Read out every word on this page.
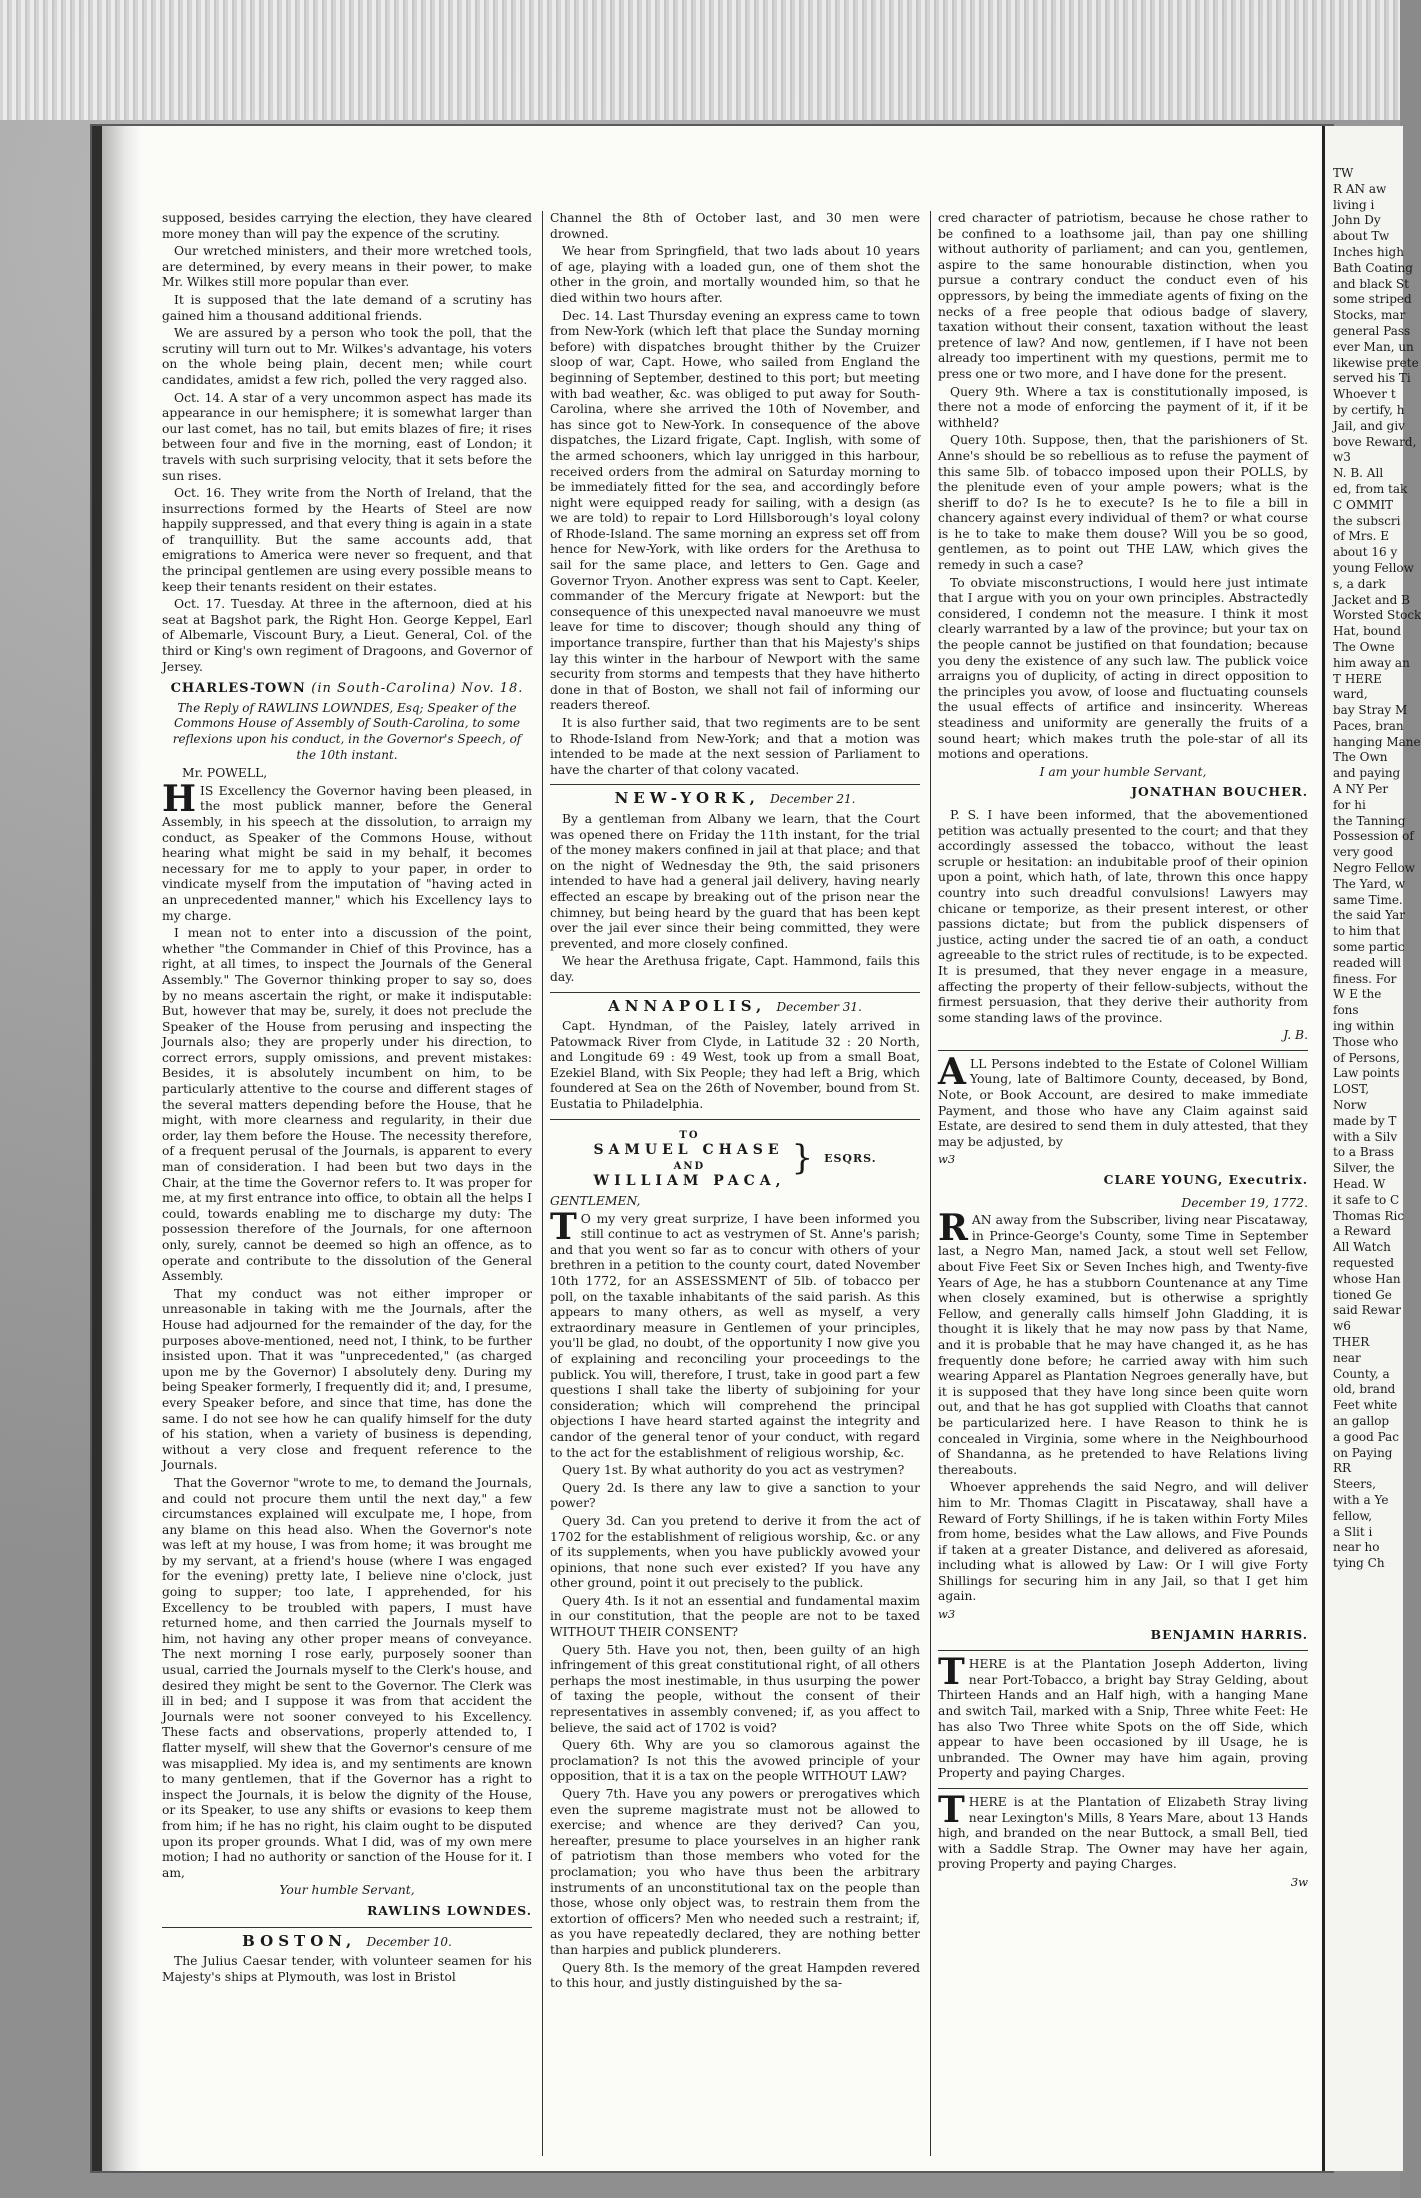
supposed, besides carrying the election, they have cleared more money than will pay the expence of the scrutiny.

Our wretched ministers, and their more wretched tools, are determined, by every means in their power, to make Mr. Wilkes still more popular than ever.

It is supposed that the late demand of a scrutiny has gained him a thousand additional friends.

We are assured by a person who took the poll, that the scrutiny will turn out to Mr. Wilkes's advantage, his voters on the whole being plain, decent men; while court candidates, amidst a few rich, polled the very ragged also.

Oct. 14. A star of a very uncommon aspect has made its appearance in our hemisphere; it is somewhat larger than our last comet, has no tail, but emits blazes of fire; it rises between four and five in the morning, east of London; it travels with such surprising velocity, that it sets before the sun rises.

Oct. 16. They write from the North of Ireland, that the insurrections formed by the Hearts of Steel are now happily suppressed, and that every thing is again in a state of tranquillity. But the same accounts add, that emigrations to America were never so frequent, and that the principal gentlemen are using every possible means to keep their tenants resident on their estates.

Oct. 17. Tuesday. At three in the afternoon, died at his seat at Bagshot park, the Right Hon. George Keppel, Earl of Albemarle, Viscount Bury, a Lieut. General, Col. of the third or King's own regiment of Dragoons, and Governor of Jersey.

CHARLES-TOWN (in South-Carolina) Nov. 18.

The Reply of RAWLINS LOWNDES, Esq; Speaker of the Commons House of Assembly of South-Carolina, to some reflexions upon his conduct, in the Governor's Speech, of the 10th instant.

Mr. POWELL,

HIS Excellency the Governor having been pleased, in the most publick manner, before the General Assembly, in his speech at the dissolution, to arraign my conduct, as Speaker of the Commons House, without hearing what might be said in my behalf, it becomes necessary for me to apply to your paper, in order to vindicate myself from the imputation of "having acted in an unprecedented manner," which his Excellency lays to my charge.

I mean not to enter into a discussion of the point, whether "the Commander in Chief of this Province, has a right, at all times, to inspect the Journals of the General Assembly." The Governor thinking proper to say so, does by no means ascertain the right, or make it indisputable: But, however that may be, surely, it does not preclude the Speaker of the House from perusing and inspecting the Journals also; they are properly under his direction, to correct errors, supply omissions, and prevent mistakes: Besides, it is absolutely incumbent on him, to be particularly attentive to the course and different stages of the several matters depending before the House, that he might, with more clearness and regularity, in their due order, lay them before the House. The necessity therefore, of a frequent perusal of the Journals, is apparent to every man of consideration. I had been but two days in the Chair, at the time the Governor refers to. It was proper for me, at my first entrance into office, to obtain all the helps I could, towards enabling me to discharge my duty: The possession therefore of the Journals, for one afternoon only, surely, cannot be deemed so high an offence, as to operate and contribute to the dissolution of the General Assembly.

That my conduct was not either improper or unreasonable in taking with me the Journals, after the House had adjourned for the remainder of the day, for the purposes above-mentioned, need not, I think, to be further insisted upon. That it was "unprecedented," (as charged upon me by the Governor) I absolutely deny. During my being Speaker formerly, I frequently did it; and, I presume, every Speaker before, and since that time, has done the same. I do not see how he can qualify himself for the duty of his station, when a variety of business is depending, without a very close and frequent reference to the Journals.

That the Governor "wrote to me, to demand the Journals, and could not procure them until the next day," a few circumstances explained will exculpate me, I hope, from any blame on this head also. When the Governor's note was left at my house, I was from home; it was brought me by my servant, at a friend's house (where I was engaged for the evening) pretty late, I believe nine o'clock, just going to supper; too late, I apprehended, for his Excellency to be troubled with papers, I must have returned home, and then carried the Journals myself to him, not having any other proper means of conveyance. The next morning I rose early, purposely sooner than usual, carried the Journals myself to the Clerk's house, and desired they might be sent to the Governor. The Clerk was ill in bed; and I suppose it was from that accident the Journals were not sooner conveyed to his Excellency. These facts and observations, properly attended to, I flatter myself, will shew that the Governor's censure of me was misapplied. My idea is, and my sentiments are known to many gentlemen, that if the Governor has a right to inspect the Journals, it is below the dignity of the House, or its Speaker, to use any shifts or evasions to keep them from him; if he has no right, his claim ought to be disputed upon its proper grounds. What I did, was of my own mere motion; I had no authority or sanction of the House for it. I am,

Your humble Servant,

RAWLINS LOWNDES.

BOSTON, December 10.

The Julius Caesar tender, with volunteer seamen for his Majesty's ships at Plymouth, was lost in Bristol

Channel the 8th of October last, and 30 men were drowned.

We hear from Springfield, that two lads about 10 years of age, playing with a loaded gun, one of them shot the other in the groin, and mortally wounded him, so that he died within two hours after.

Dec. 14. Last Thursday evening an express came to town from New-York (which left that place the Sunday morning before) with dispatches brought thither by the Cruizer sloop of war, Capt. Howe, who sailed from England the beginning of September, destined to this port; but meeting with bad weather, &c. was obliged to put away for South-Carolina, where she arrived the 10th of November, and has since got to New-York. In consequence of the above dispatches, the Lizard frigate, Capt. Inglish, with some of the armed schooners, which lay unrigged in this harbour, received orders from the admiral on Saturday morning to be immediately fitted for the sea, and accordingly before night were equipped ready for sailing, with a design (as we are told) to repair to Lord Hillsborough's loyal colony of Rhode-Island. The same morning an express set off from hence for New-York, with like orders for the Arethusa to sail for the same place, and letters to Gen. Gage and Governor Tryon. Another express was sent to Capt. Keeler, commander of the Mercury frigate at Newport: but the consequence of this unexpected naval manoeuvre we must leave for time to discover; though should any thing of importance transpire, further than that his Majesty's ships lay this winter in the harbour of Newport with the same security from storms and tempests that they have hitherto done in that of Boston, we shall not fail of informing our readers thereof.

It is also further said, that two regiments are to be sent to Rhode-Island from New-York; and that a motion was intended to be made at the next session of Parliament to have the charter of that colony vacated.

NEW-YORK, December 21.

By a gentleman from Albany we learn, that the Court was opened there on Friday the 11th instant, for the trial of the money makers confined in jail at that place; and that on the night of Wednesday the 9th, the said prisoners intended to have had a general jail delivery, having nearly effected an escape by breaking out of the prison near the chimney, but being heard by the guard that has been kept over the jail ever since their being committed, they were prevented, and more closely confined.

We hear the Arethusa frigate, Capt. Hammond, fails this day.

ANNAPOLIS, December 31.

Capt. Hyndman, of the Paisley, lately arrived in Patowmack River from Clyde, in Latitude 32 : 20 North, and Longitude 69 : 49 West, took up from a small Boat, Ezekiel Bland, with Six People; they had left a Brig, which foundered at Sea on the 26th of November, bound from St. Eustatia to Philadelphia.

TO
SAMUEL CHASE
AND
WILLIAM PACA,
} ESQRS.

GENTLEMEN,

T O my very great surprize, I have been informed you still continue to act as vestrymen of St. Anne's parish; and that you went so far as to concur with others of your brethren in a petition to the county court, dated November 10th 1772, for an ASSESSMENT of 5lb. of tobacco per poll, on the taxable inhabitants of the said parish. As this appears to many others, as well as myself, a very extraordinary measure in Gentlemen of your principles, you'll be glad, no doubt, of the opportunity I now give you of explaining and reconciling your proceedings to the publick. You will, therefore, I trust, take in good part a few questions I shall take the liberty of subjoining for your consideration; which will comprehend the principal objections I have heard started against the integrity and candor of the general tenor of your conduct, with regard to the act for the establishment of religious worship, &c.

Query 1st. By what authority do you act as vestrymen?

Query 2d. Is there any law to give a sanction to your power?

Query 3d. Can you pretend to derive it from the act of 1702 for the establishment of religious worship, &c. or any of its supplements, when you have publickly avowed your opinions, that none such ever existed? If you have any other ground, point it out precisely to the publick.

Query 4th. Is it not an essential and fundamental maxim in our constitution, that the people are not to be taxed WITHOUT THEIR CONSENT?

Query 5th. Have you not, then, been guilty of an high infringement of this great constitutional right, of all others perhaps the most inestimable, in thus usurping the power of taxing the people, without the consent of their representatives in assembly convened; if, as you affect to believe, the said act of 1702 is void?

Query 6th. Why are you so clamorous against the proclamation? Is not this the avowed principle of your opposition, that it is a tax on the people WITHOUT LAW?

Query 7th. Have you any powers or prerogatives which even the supreme magistrate must not be allowed to exercise; and whence are they derived? Can you, hereafter, presume to place yourselves in an higher rank of patriotism than those members who voted for the proclamation; you who have thus been the arbitrary instruments of an unconstitutional tax on the people than those, whose only object was, to restrain them from the extortion of officers? Men who needed such a restraint; if, as you have repeatedly declared, they are nothing better than harpies and publick plunderers.

Query 8th. Is the memory of the great Hampden revered to this hour, and justly distinguished by the sa-

cred character of patriotism, because he chose rather to be confined to a loathsome jail, than pay one shilling without authority of parliament; and can you, gentlemen, aspire to the same honourable distinction, when you pursue a contrary conduct the conduct even of his oppressors, by being the immediate agents of fixing on the necks of a free people that odious badge of slavery, taxation without their consent, taxation without the least pretence of law? And now, gentlemen, if I have not been already too impertinent with my questions, permit me to press one or two more, and I have done for the present.

Query 9th. Where a tax is constitutionally imposed, is there not a mode of enforcing the payment of it, if it be withheld?

Query 10th. Suppose, then, that the parishioners of St. Anne's should be so rebellious as to refuse the payment of this same 5lb. of tobacco imposed upon their POLLS, by the plenitude even of your ample powers; what is the sheriff to do? Is he to execute? Is he to file a bill in chancery against every individual of them? or what course is he to take to make them douse? Will you be so good, gentlemen, as to point out THE LAW, which gives the remedy in such a case?

To obviate misconstructions, I would here just intimate that I argue with you on your own principles. Abstractedly considered, I condemn not the measure. I think it most clearly warranted by a law of the province; but your tax on the people cannot be justified on that foundation; because you deny the existence of any such law. The publick voice arraigns you of duplicity, of acting in direct opposition to the principles you avow, of loose and fluctuating counsels the usual effects of artifice and insincerity. Whereas steadiness and uniformity are generally the fruits of a sound heart; which makes truth the pole-star of all its motions and operations.

I am your humble Servant,

JONATHAN BOUCHER.

P. S. I have been informed, that the abovementioned petition was actually presented to the court; and that they accordingly assessed the tobacco, without the least scruple or hesitation: an indubitable proof of their opinion upon a point, which hath, of late, thrown this once happy country into such dreadful convulsions! Lawyers may chicane or temporize, as their present interest, or other passions dictate; but from the publick dispensers of justice, acting under the sacred tie of an oath, a conduct agreeable to the strict rules of rectitude, is to be expected. It is presumed, that they never engage in a measure, affecting the property of their fellow-subjects, without the firmest persuasion, that they derive their authority from some standing laws of the province.

J. B.

ALL Persons indebted to the Estate of Colonel William Young, late of Baltimore County, deceased, by Bond, Note, or Book Account, are desired to make immediate Payment, and those who have any Claim against said Estate, are desired to send them in duly attested, that they may be adjusted, by

w3

CLARE YOUNG, Executrix.

December 19, 1772.

RAN away from the Subscriber, living near Piscataway, in Prince-George's County, some Time in September last, a Negro Man, named Jack, a stout well set Fellow, about Five Feet Six or Seven Inches high, and Twenty-five Years of Age, he has a stubborn Countenance at any Time when closely examined, but is otherwise a sprightly Fellow, and generally calls himself John Gladding, it is thought it is likely that he may now pass by that Name, and it is probable that he may have changed it, as he has frequently done before; he carried away with him such wearing Apparel as Plantation Negroes generally have, but it is supposed that they have long since been quite worn out, and that he has got supplied with Cloaths that cannot be particularized here. I have Reason to think he is concealed in Virginia, some where in the Neighbourhood of Shandanna, as he pretended to have Relations living thereabouts.

Whoever apprehends the said Negro, and will deliver him to Mr. Thomas Clagitt in Piscataway, shall have a Reward of Forty Shillings, if he is taken within Forty Miles from home, besides what the Law allows, and Five Pounds if taken at a greater Distance, and delivered as aforesaid, including what is allowed by Law: Or I will give Forty Shillings for securing him in any Jail, so that I get him again.

w3

BENJAMIN HARRIS.

THERE is at the Plantation Joseph Adderton, living near Port-Tobacco, a bright bay Stray Gelding, about Thirteen Hands and an Half high, with a hanging Mane and switch Tail, marked with a Snip, Three white Feet: He has also Two Three white Spots on the off Side, which appear to have been occasioned by ill Usage, he is unbranded. The Owner may have him again, proving Property and paying Charges.

THERE is at the Plantation of Elizabeth Stray living near Lexington's Mills, 8 Years Mare, about 13 Hands high, and branded on the near Buttock, a small Bell, tied with a Saddle Strap. The Owner may have her again, proving Property and paying Charges.

3w

TW
R AN aw
living i
John Dy
about Tw
Inches high
Bath Coating
and black St
some striped
Stocks, mar
general Pass
ever Man, un
likewise prete
served his Ti
Whoever t
by certify, h
Jail, and giv
bove Reward,
w3
N. B. All
ed, from tak
C OMMIT
the subscri
of Mrs. E
about 16 y
young Fellow
s, a dark
Jacket and B
Worsted Stock
Hat, bound
The Owne
him away an
T HERE
ward,
bay Stray M
Paces, bran
hanging Mane
The Own
and paying
A NY Per
for hi
the Tanning
Possession of
very good
Negro Fellow
The Yard, w
same Time.
the said Yar
to him that
some partic
readed will
finess. For
W E the
fons
ing within
Those who
of Persons,
Law points
LOST,
Norw
made by T
with a Silv
to a Brass
Silver, the
Head. W
it safe to C
Thomas Ric
a Reward
All Watch
requested
whose Han
tioned Ge
said Rewar
w6
THER
near
County, a
old, brand
Feet white
an gallop
a good Pac
on Paying
RR
Steers,
with a Ye
fellow,
a Slit i
near ho
tying Ch
